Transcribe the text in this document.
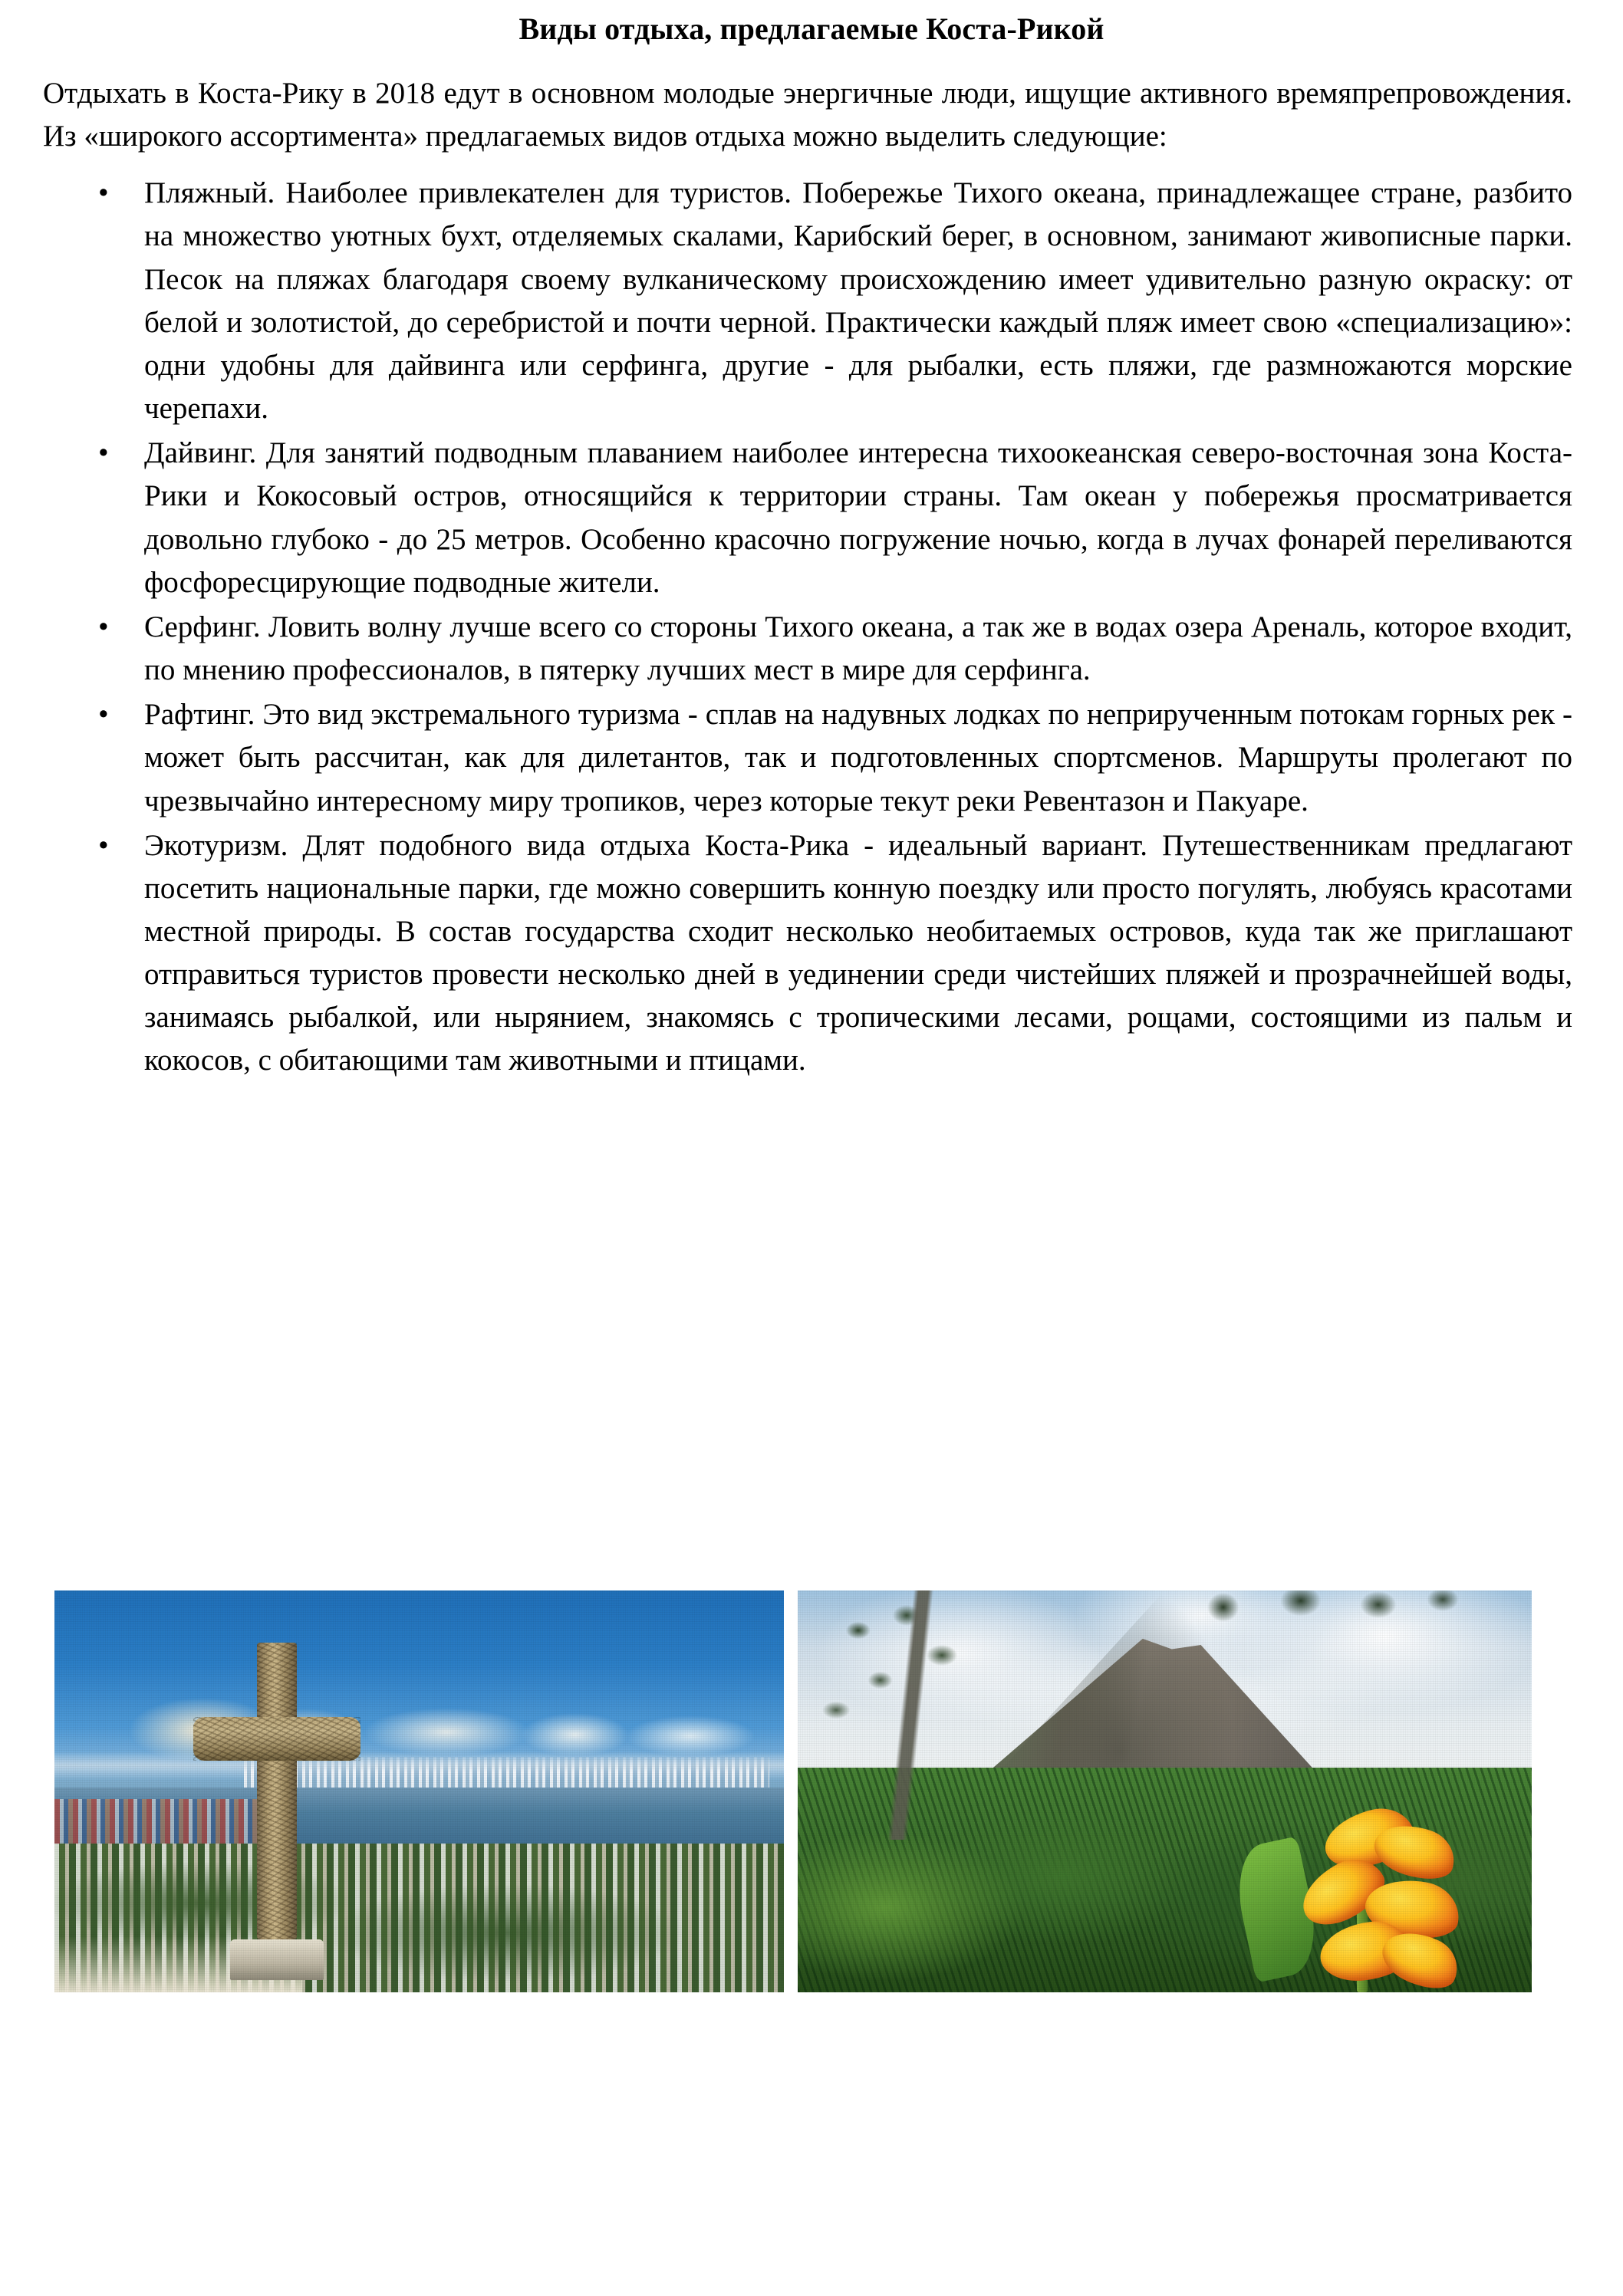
Виды отдыха, предлагаемые Коста-Рикой

Отдыхать в Коста-Рику в 2018 едут в основном молодые энергичные люди, ищущие активного времяпрепровождения. Из «широкого ассортимента» предлагаемых видов отдыха можно выделить следующие:

• Пляжный. Наиболее привлекателен для туристов. Побережье Тихого океана, принадлежащее стране, разбито на множество уютных бухт, отделяемых скалами, Карибский берег, в основном, занимают живописные парки. Песок на пляжах благодаря своему вулканическому происхождению имеет удивительно разную окраску: от белой и золотистой, до серебристой и почти черной. Практически каждый пляж имеет свою «специализацию»: одни удобны для дайвинга или серфинга, другие - для рыбалки, есть пляжи, где размножаются морские черепахи.
• Дайвинг. Для занятий подводным плаванием наиболее интересна тихоокеанская северо-восточная зона Коста-Рики и Кокосовый остров, относящийся к территории страны. Там океан у побережья просматривается довольно глубоко - до 25 метров. Особенно красочно погружение ночью, когда в лучах фонарей переливаются фосфоресцирующие подводные жители.
• Серфинг. Ловить волну лучше всего со стороны Тихого океана, а так же в водах озера Ареналь, которое входит, по мнению профессионалов, в пятерку лучших мест в мире для серфинга.
• Рафтинг. Это вид экстремального туризма - сплав на надувных лодках по неприрученным потокам горных рек - может быть рассчитан, как для дилетантов, так и подготовленных спортсменов. Маршруты пролегают по чрезвычайно интересному миру тропиков, через которые текут реки Ревентазон и Пакуаре.
• Экотуризм. Длят подобного вида отдыха Коста-Рика - идеальный вариант. Путешественникам предлагают посетить национальные парки, где можно совершить конную поездку или просто погулять, любуясь красотами местной природы. В состав государства сходит несколько необитаемых островов, куда так же приглашают отправиться туристов провести несколько дней в уединении среди чистейших пляжей и прозрачнейшей воды, занимаясь рыбалкой, или нырянием, знакомясь с тропическими лесами, рощами, состоящими из пальм и кокосов, с обитающими там животными и птицами.
